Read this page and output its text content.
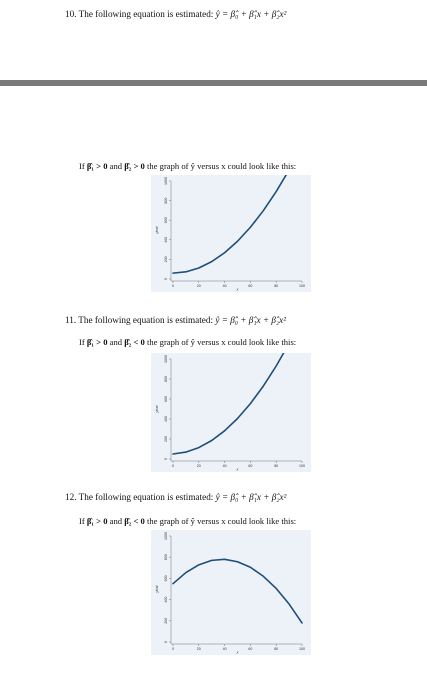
10. The following equation is estimated: ŷ = β̂₀ + β̂₁x + β̂₂x²
If β̂₁ > 0 and β̂₂ > 0 the graph of ŷ versus x could look like this:
0
200
400
600
800
1000
0	20	40	60	80	100
yhat
x
11. The following equation is estimated: ŷ = β̂₀ + β̂₁x + β̂₂x²
If β̂₁ > 0 and β̂₂ < 0 the graph of ŷ versus x could look like this:
0
200
400
600
800
1000
0	20	40	60	80	100
yhat
x
12. The following equation is estimated: ŷ = β̂₀ + β̂₁x + β̂₂x²
If β̂₁ > 0 and β̂₂ < 0 the graph of ŷ versus x could look like this:
0
200
400
600
800
1000
0	20	40	60	80	100
yhat
x
